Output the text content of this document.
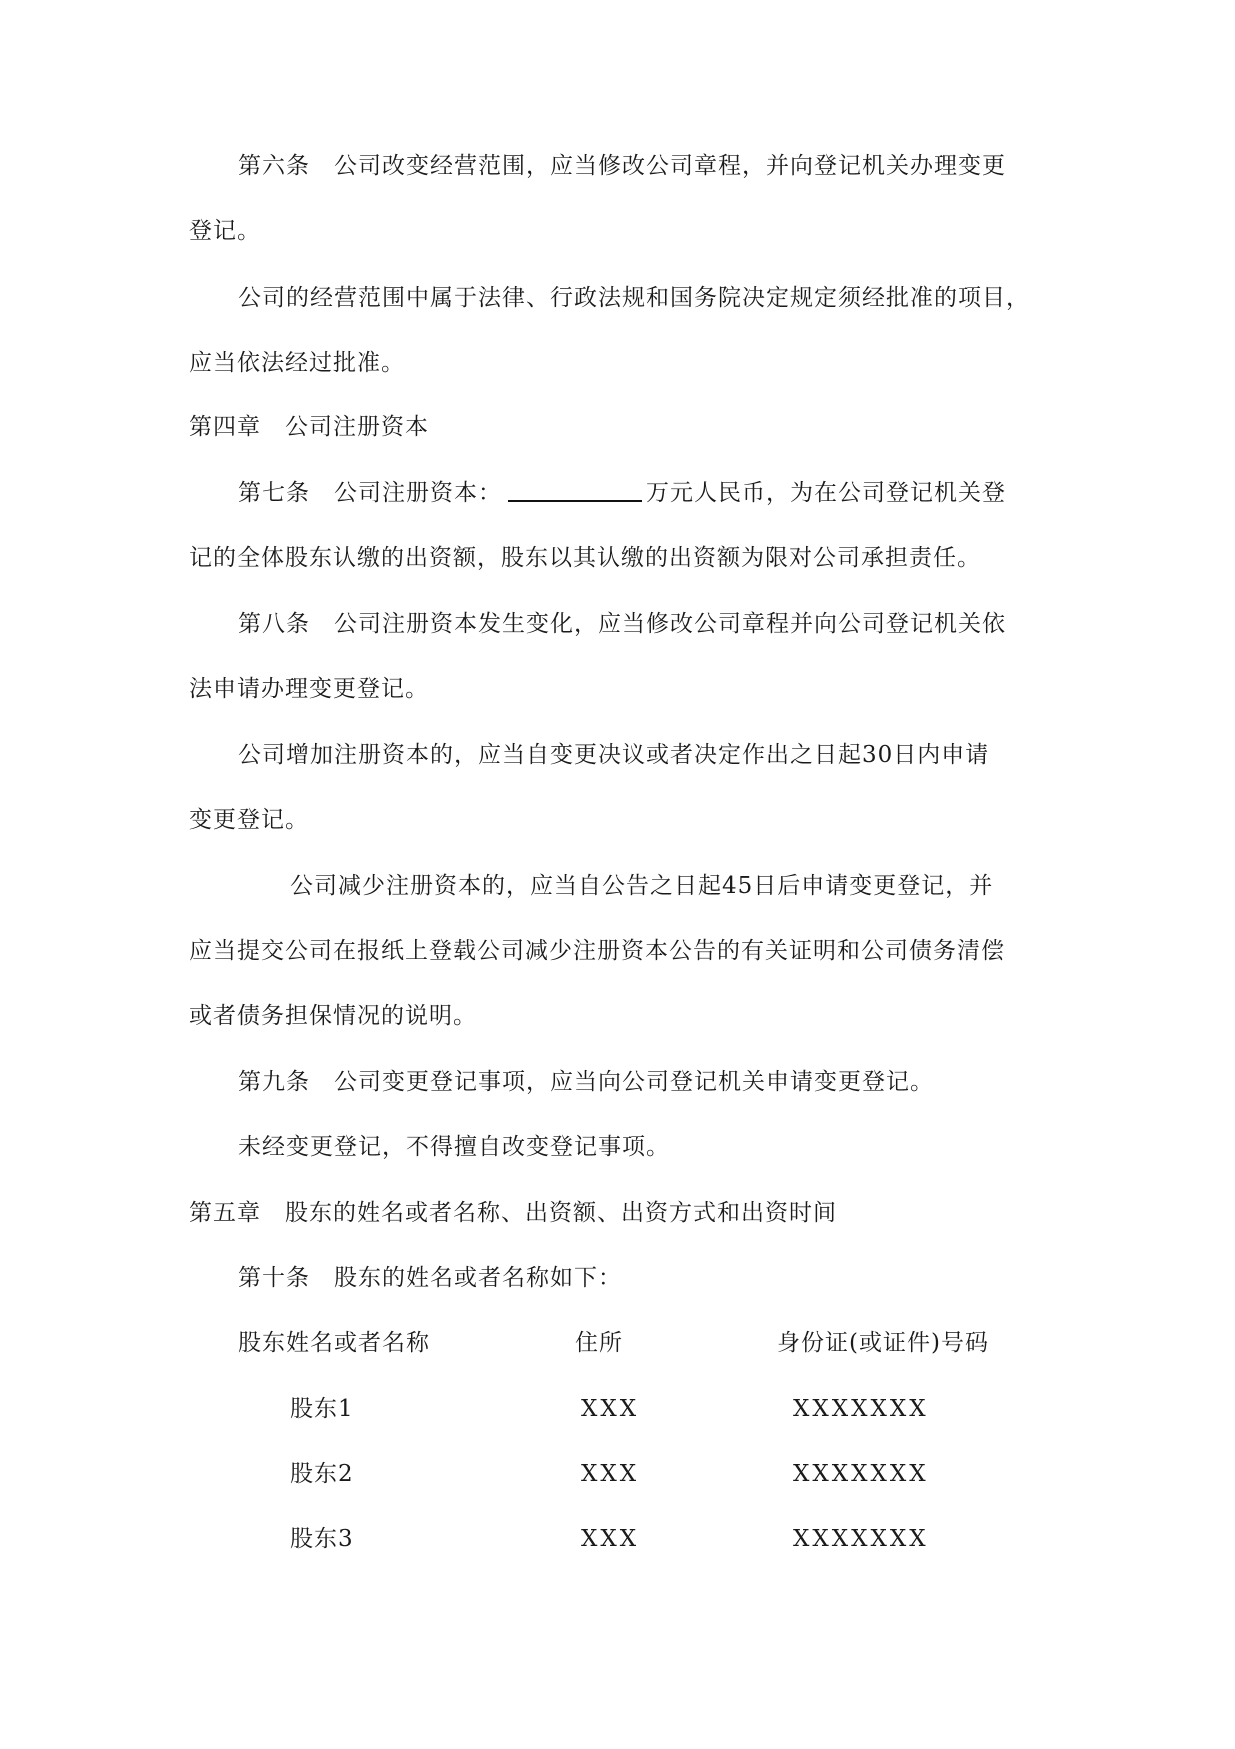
第六条 公司改变经营范围，应当修改公司章程，并向登记机关办理变更
登记。
公司的经营范围中属于法律、行政法规和国务院决定规定须经批准的项目，
应当依法经过批准。
第四章 公司注册资本
第七条 公司注册资本：	万元人民币，为在公司登记机关登
记的全体股东认缴的出资额，股东以其认缴的出资额为限对公司承担责任。
第八条 公司注册资本发生变化，应当修改公司章程并向公司登记机关依
法申请办理变更登记。
公司增加注册资本的，应当自变更决议或者决定作出之日起30日内申请
变更登记。
公司减少注册资本的，应当自公告之日起45日后申请变更登记，并
应当提交公司在报纸上登载公司减少注册资本公告的有关证明和公司债务清偿
或者债务担保情况的说明。
第九条 公司变更登记事项，应当向公司登记机关申请变更登记。
未经变更登记，不得擅自改变登记事项。
第五章 股东的姓名或者名称、出资额、出资方式和出资时间
第十条 股东的姓名或者名称如下：
股东姓名或者名称	住所	身份证(或证件)号码
股东1	XXX	XXXXXXX
股东2	XXX	XXXXXXX
股东3	XXX	XXXXXXX
